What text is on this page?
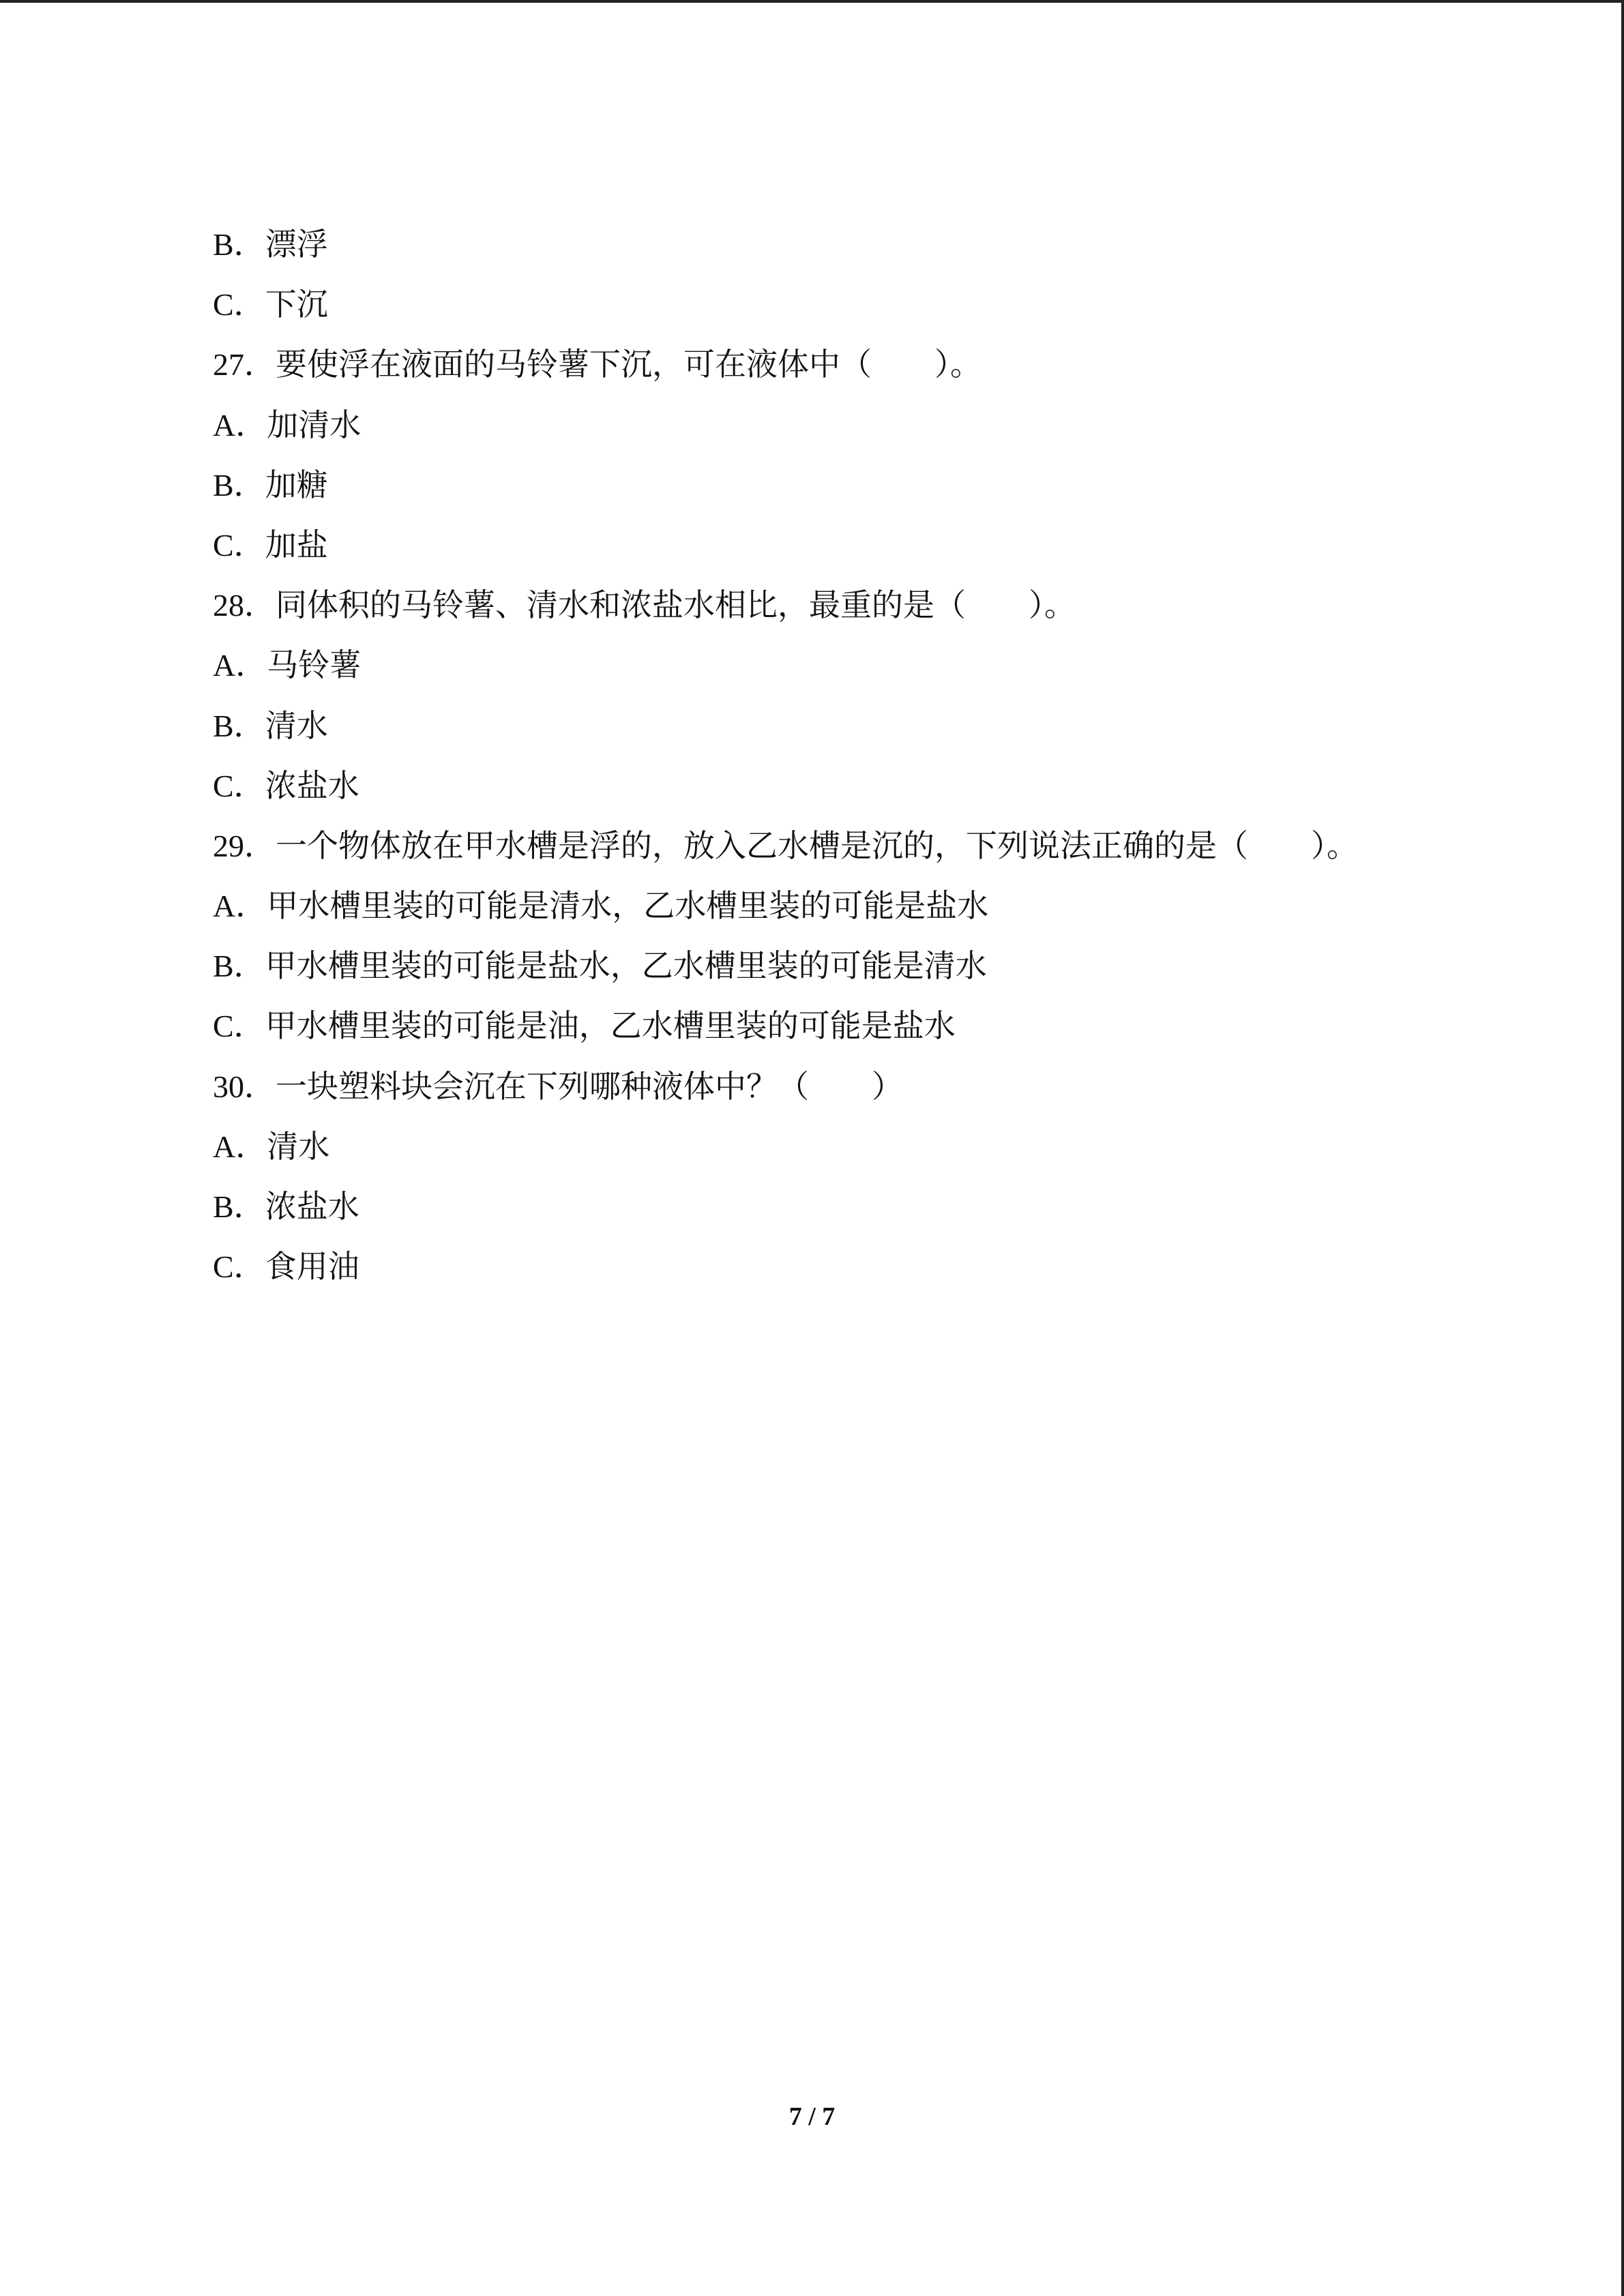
B．漂浮
C．下沉
27．要使浮在液面的马铃薯下沉，可在液体中（　　）。
A．加清水
B．加糖
C．加盐
28．同体积的马铃薯、清水和浓盐水相比，最重的是（　　）。
A．马铃薯
B．清水
C．浓盐水
29．一个物体放在甲水槽是浮的，放入乙水槽是沉的，下列说法正确的是（　　）。
A．甲水槽里装的可能是清水，乙水槽里装的可能是盐水
B．甲水槽里装的可能是盐水，乙水槽里装的可能是清水
C．甲水槽里装的可能是油，乙水槽里装的可能是盐水
30．一块塑料块会沉在下列哪种液体中？（　　）
A．清水
B．浓盐水
C．食用油
7 / 7
